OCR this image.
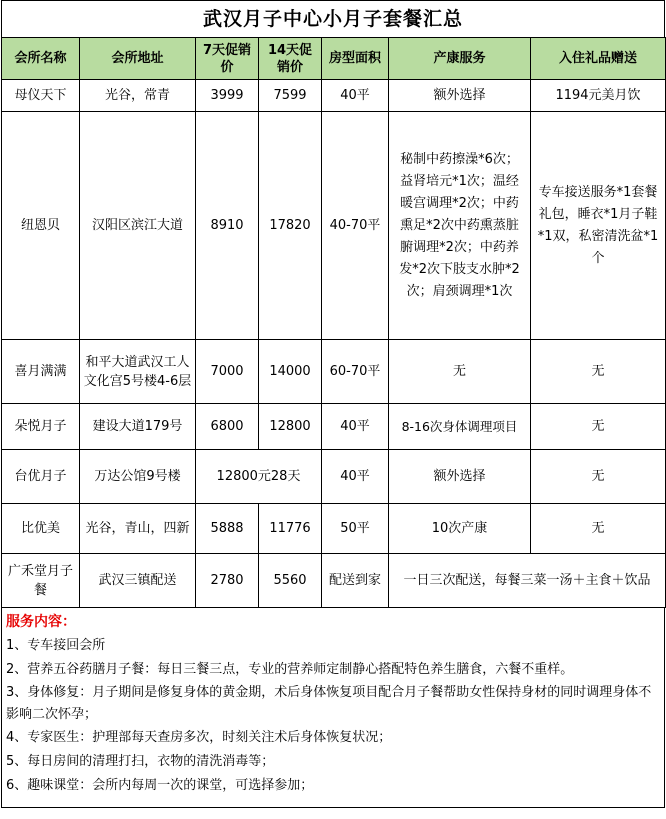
武汉月子中心小月子套餐汇总
会所名称	会所地址	7天促销价	14天促销价	房型面积	产康服务	入住礼品赠送
母仪天下	光谷，常青	3999	7599	40平	额外选择	1194元美月饮
纽恩贝	汉阳区滨江大道	8910	17820	40-70平	秘制中药擦澡*6次；益肾培元*1次；温经暖宫调理*2次；中药熏足*2次中药熏蒸脏腑调理*2次；中药养发*2次下肢支水肿*2次；肩颈调理*1次	专车接送服务*1套餐礼包，睡衣*1月子鞋*1双，私密清洗盆*1个
喜月满满	和平大道武汉工人文化宫5号楼4-6层	7000	14000	60-70平	无	无
朵悦月子	建设大道179号	6800	12800	40平	8-16次身体调理项目	无
台优月子	万达公馆9号楼	12800元28天		40平	额外选择	无
比优美	光谷，青山，四新	5888	11776	50平	10次产康	无
广禾堂月子餐	武汉三镇配送	2780	5560	配送到家	一日三次配送，每餐三菜一汤＋主食＋饮品	
服务内容：

1、专车接回会所

2、营养五谷药膳月子餐：每日三餐三点，专业的营养师定制静心搭配特色养生膳食，六餐不重样。

3、身体修复：月子期间是修复身体的黄金期，术后身体恢复项目配合月子餐帮助女性保持身材的同时调理身体不影响二次怀孕；

4、专家医生：护理部每天查房多次，时刻关注术后身体恢复状况；

5、每日房间的清理打扫，衣物的清洗消毒等；

6、趣味课堂：会所内每周一次的课堂，可选择参加；
